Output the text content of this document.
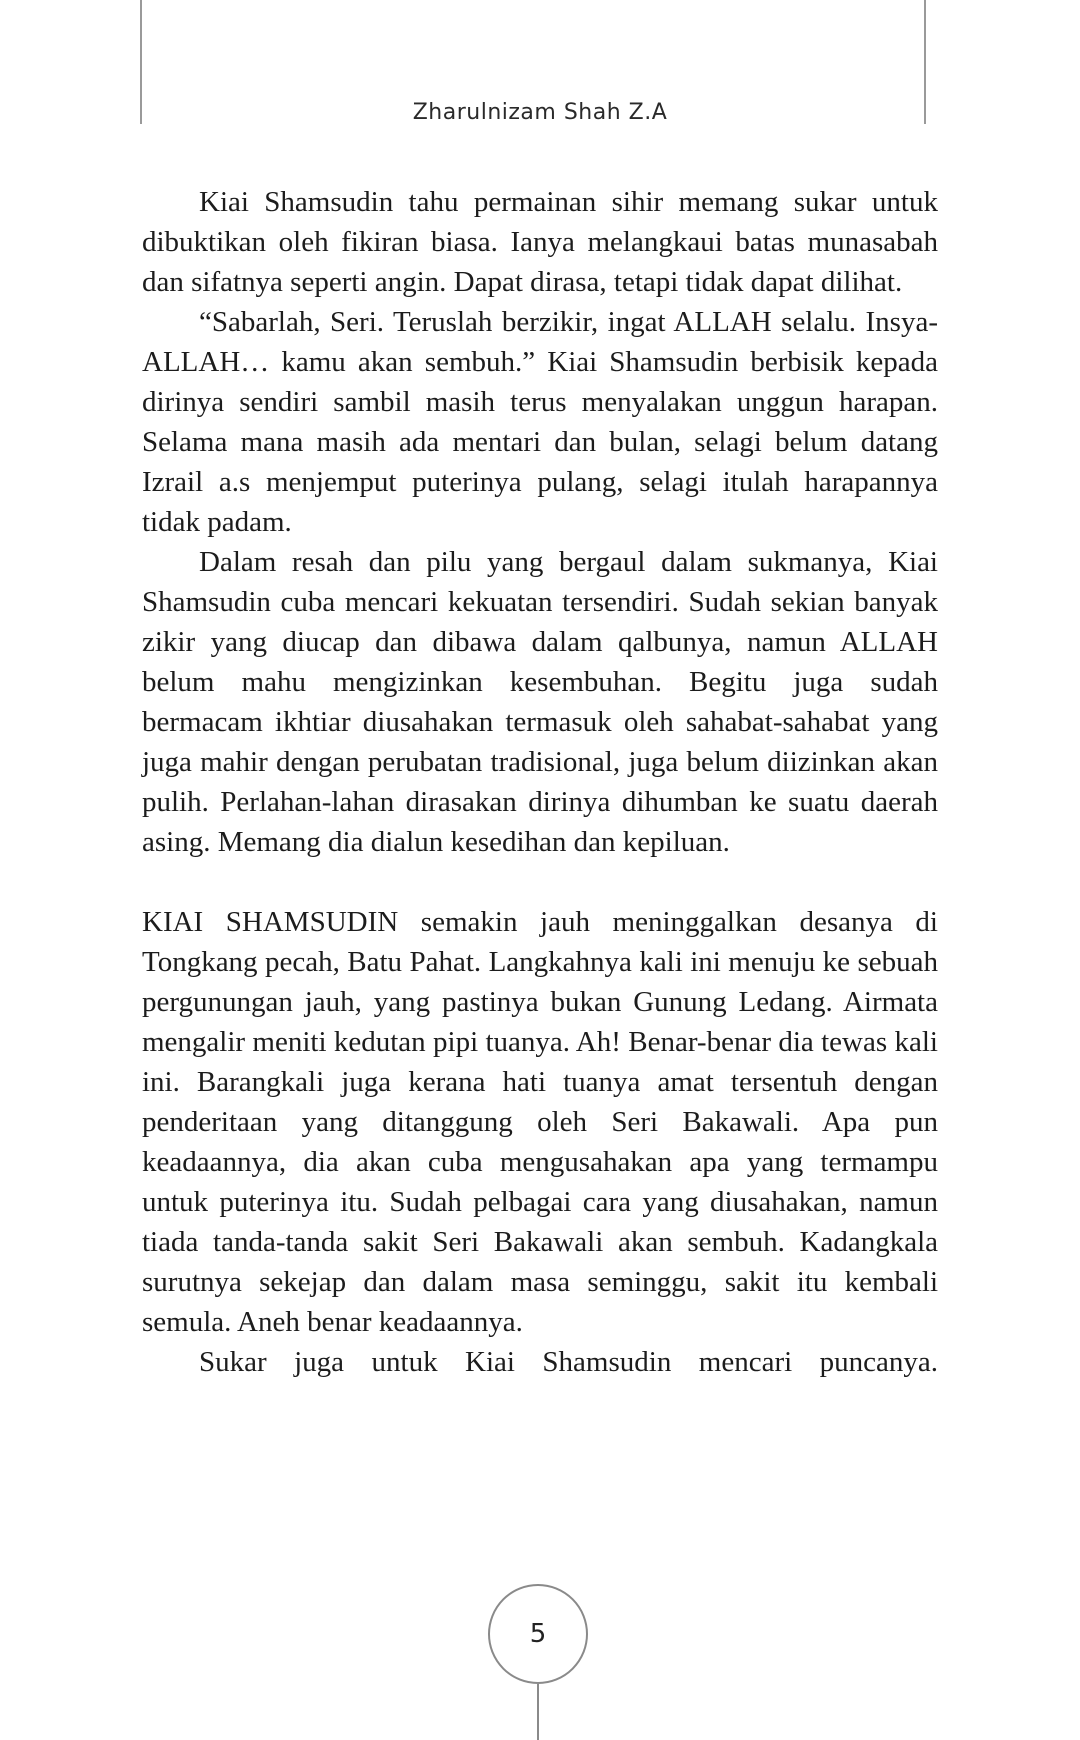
Zharulnizam Shah Z.A

Kiai Shamsudin tahu permainan sihir memang sukar untuk dibuktikan oleh fikiran biasa. Ianya melangkaui batas munasabah dan sifatnya seperti angin. Dapat dirasa, tetapi tidak dapat dilihat.

“Sabarlah, Seri. Teruslah berzikir, ingat ALLAH selalu. Insya-ALLAH… kamu akan sembuh.” Kiai Shamsudin berbisik kepada dirinya sendiri sambil masih terus menyalakan unggun harapan. Selama mana masih ada mentari dan bulan, selagi belum datang Izrail a.s menjemput puterinya pulang, selagi itulah harapannya tidak padam.

Dalam resah dan pilu yang bergaul dalam sukmanya, Kiai Shamsudin cuba mencari kekuatan tersendiri. Sudah sekian banyak zikir yang diucap dan dibawa dalam qalbunya, namun ALLAH belum mahu mengizinkan kesembuhan. Begitu juga sudah bermacam ikhtiar diusahakan termasuk oleh sahabat-sahabat yang juga mahir dengan perubatan tradisional, juga belum diizinkan akan pulih. Perlahan-lahan dirasakan dirinya dihumban ke suatu daerah asing. Memang dia dialun kesedihan dan kepiluan.

KIAI SHAMSUDIN semakin jauh meninggalkan desanya di Tongkang pecah, Batu Pahat. Langkahnya kali ini menuju ke sebuah pergunungan jauh, yang pastinya bukan Gunung Ledang. Airmata mengalir meniti kedutan pipi tuanya. Ah! Benar-benar dia tewas kali ini. Barangkali juga kerana hati tuanya amat tersentuh dengan penderitaan yang ditanggung oleh Seri Bakawali. Apa pun keadaannya, dia akan cuba mengusahakan apa yang termampu untuk puterinya itu. Sudah pelbagai cara yang diusahakan, namun tiada tanda-tanda sakit Seri Bakawali akan sembuh. Kadangkala surutnya sekejap dan dalam masa seminggu, sakit itu kembali semula. Aneh benar keadaannya.

Sukar juga untuk Kiai Shamsudin mencari puncanya.

5
